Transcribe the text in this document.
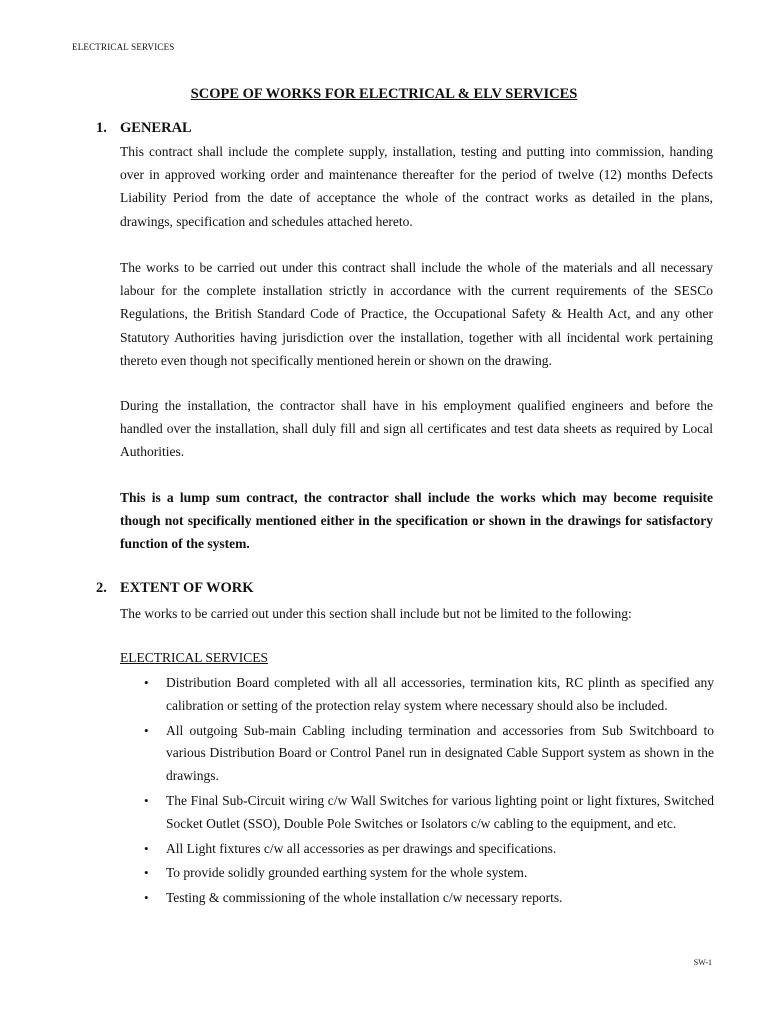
ELECTRICAL SERVICES
SCOPE OF WORKS FOR ELECTRICAL & ELV SERVICES
1. GENERAL
This contract shall include the complete supply, installation, testing and putting into commission, handing over in approved working order and maintenance thereafter for the period of twelve (12) months Defects Liability Period from the date of acceptance the whole of the contract works as detailed in the plans, drawings, specification and schedules attached hereto.
The works to be carried out under this contract shall include the whole of the materials and all necessary labour for the complete installation strictly in accordance with the current requirements of the SESCo Regulations, the British Standard Code of Practice, the Occupational Safety & Health Act, and any other Statutory Authorities having jurisdiction over the installation, together with all incidental work pertaining thereto even though not specifically mentioned herein or shown on the drawing.
During the installation, the contractor shall have in his employment qualified engineers and before the handled over the installation, shall duly fill and sign all certificates and test data sheets as required by Local Authorities.
This is a lump sum contract, the contractor shall include the works which may become requisite though not specifically mentioned either in the specification or shown in the drawings for satisfactory function of the system.
2. EXTENT OF WORK
The works to be carried out under this section shall include but not be limited to the following:
ELECTRICAL SERVICES
• Distribution Board completed with all all accessories, termination kits, RC plinth as specified any calibration or setting of the protection relay system where necessary should also be included.
• All outgoing Sub-main Cabling including termination and accessories from Sub Switchboard to various Distribution Board or Control Panel run in designated Cable Support system as shown in the drawings.
• The Final Sub-Circuit wiring c/w Wall Switches for various lighting point or light fixtures, Switched Socket Outlet (SSO), Double Pole Switches or Isolators c/w cabling to the equipment, and etc.
• All Light fixtures c/w all accessories as per drawings and specifications.
• To provide solidly grounded earthing system for the whole system.
• Testing & commissioning of the whole installation c/w necessary reports.
SW-1
